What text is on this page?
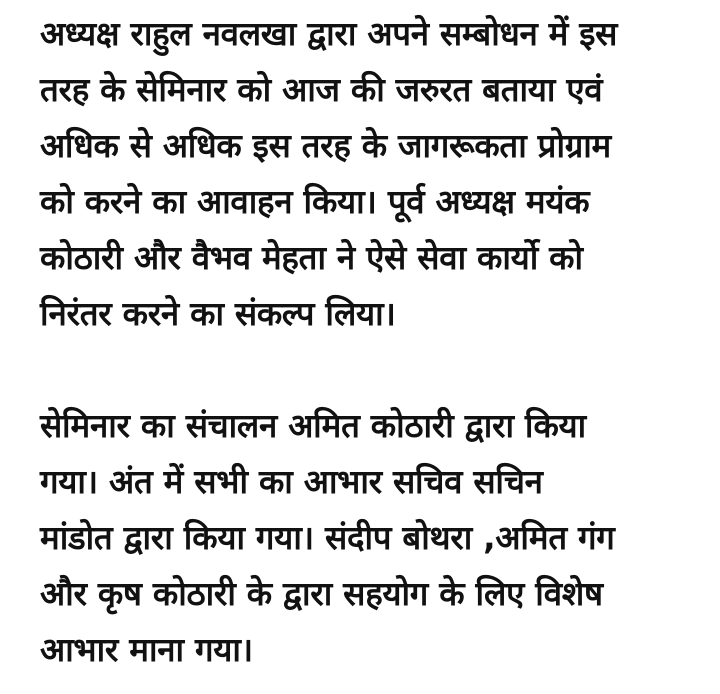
अध्यक्ष राहुल नवलखा द्वारा अपने सम्बोधन में इस
तरह के सेमिनार को आज की जरुरत बताया एवं
अधिक से अधिक इस तरह के जागरूकता प्रोग्राम
को करने का आवाहन किया। पूर्व अध्यक्ष मयंक
कोठारी और वैभव मेहता ने ऐसे सेवा कार्यो को
निरंतर करने का संकल्प लिया।
सेमिनार का संचालन अमित कोठारी द्वारा किया
गया। अंत में सभी का आभार सचिव सचिन
मांडोत द्वारा किया गया। संदीप बोथरा ,अमित गंग
और कृष कोठारी के द्वारा सहयोग के लिए विशेष
आभार माना गया।
